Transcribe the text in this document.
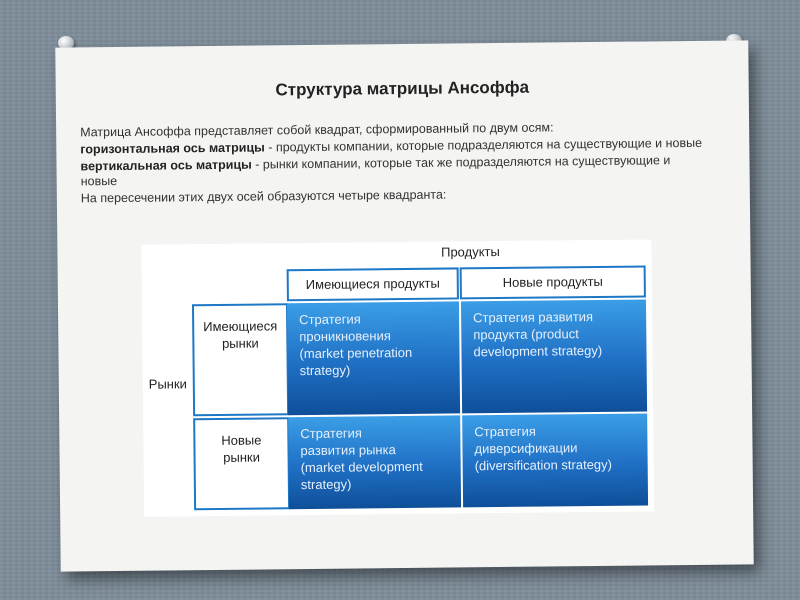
Структура матрицы Ансоффа

Матрица Ансоффа представляет собой квадрат, сформированный по двум осям:

горизонтальная ось матрицы - продукты компании, которые подразделяются на существующие и новые

вертикальная ось матрицы - рынки компании, которые так же подразделяются на существующие и новые

На пересечении этих двух осей образуются четыре квадранта:

Продукты
Рынки
Имеющиеся продукты	Новые продукты
Имеющиеся
рынки
Новые
рынки
Стратегия
проникновения
(market penetration
strategy)
Стратегия развития
продукта (product
development strategy)
Стратегия
развития рынка
(market development
strategy)
Стратегия
диверсификации
(diversification strategy)
